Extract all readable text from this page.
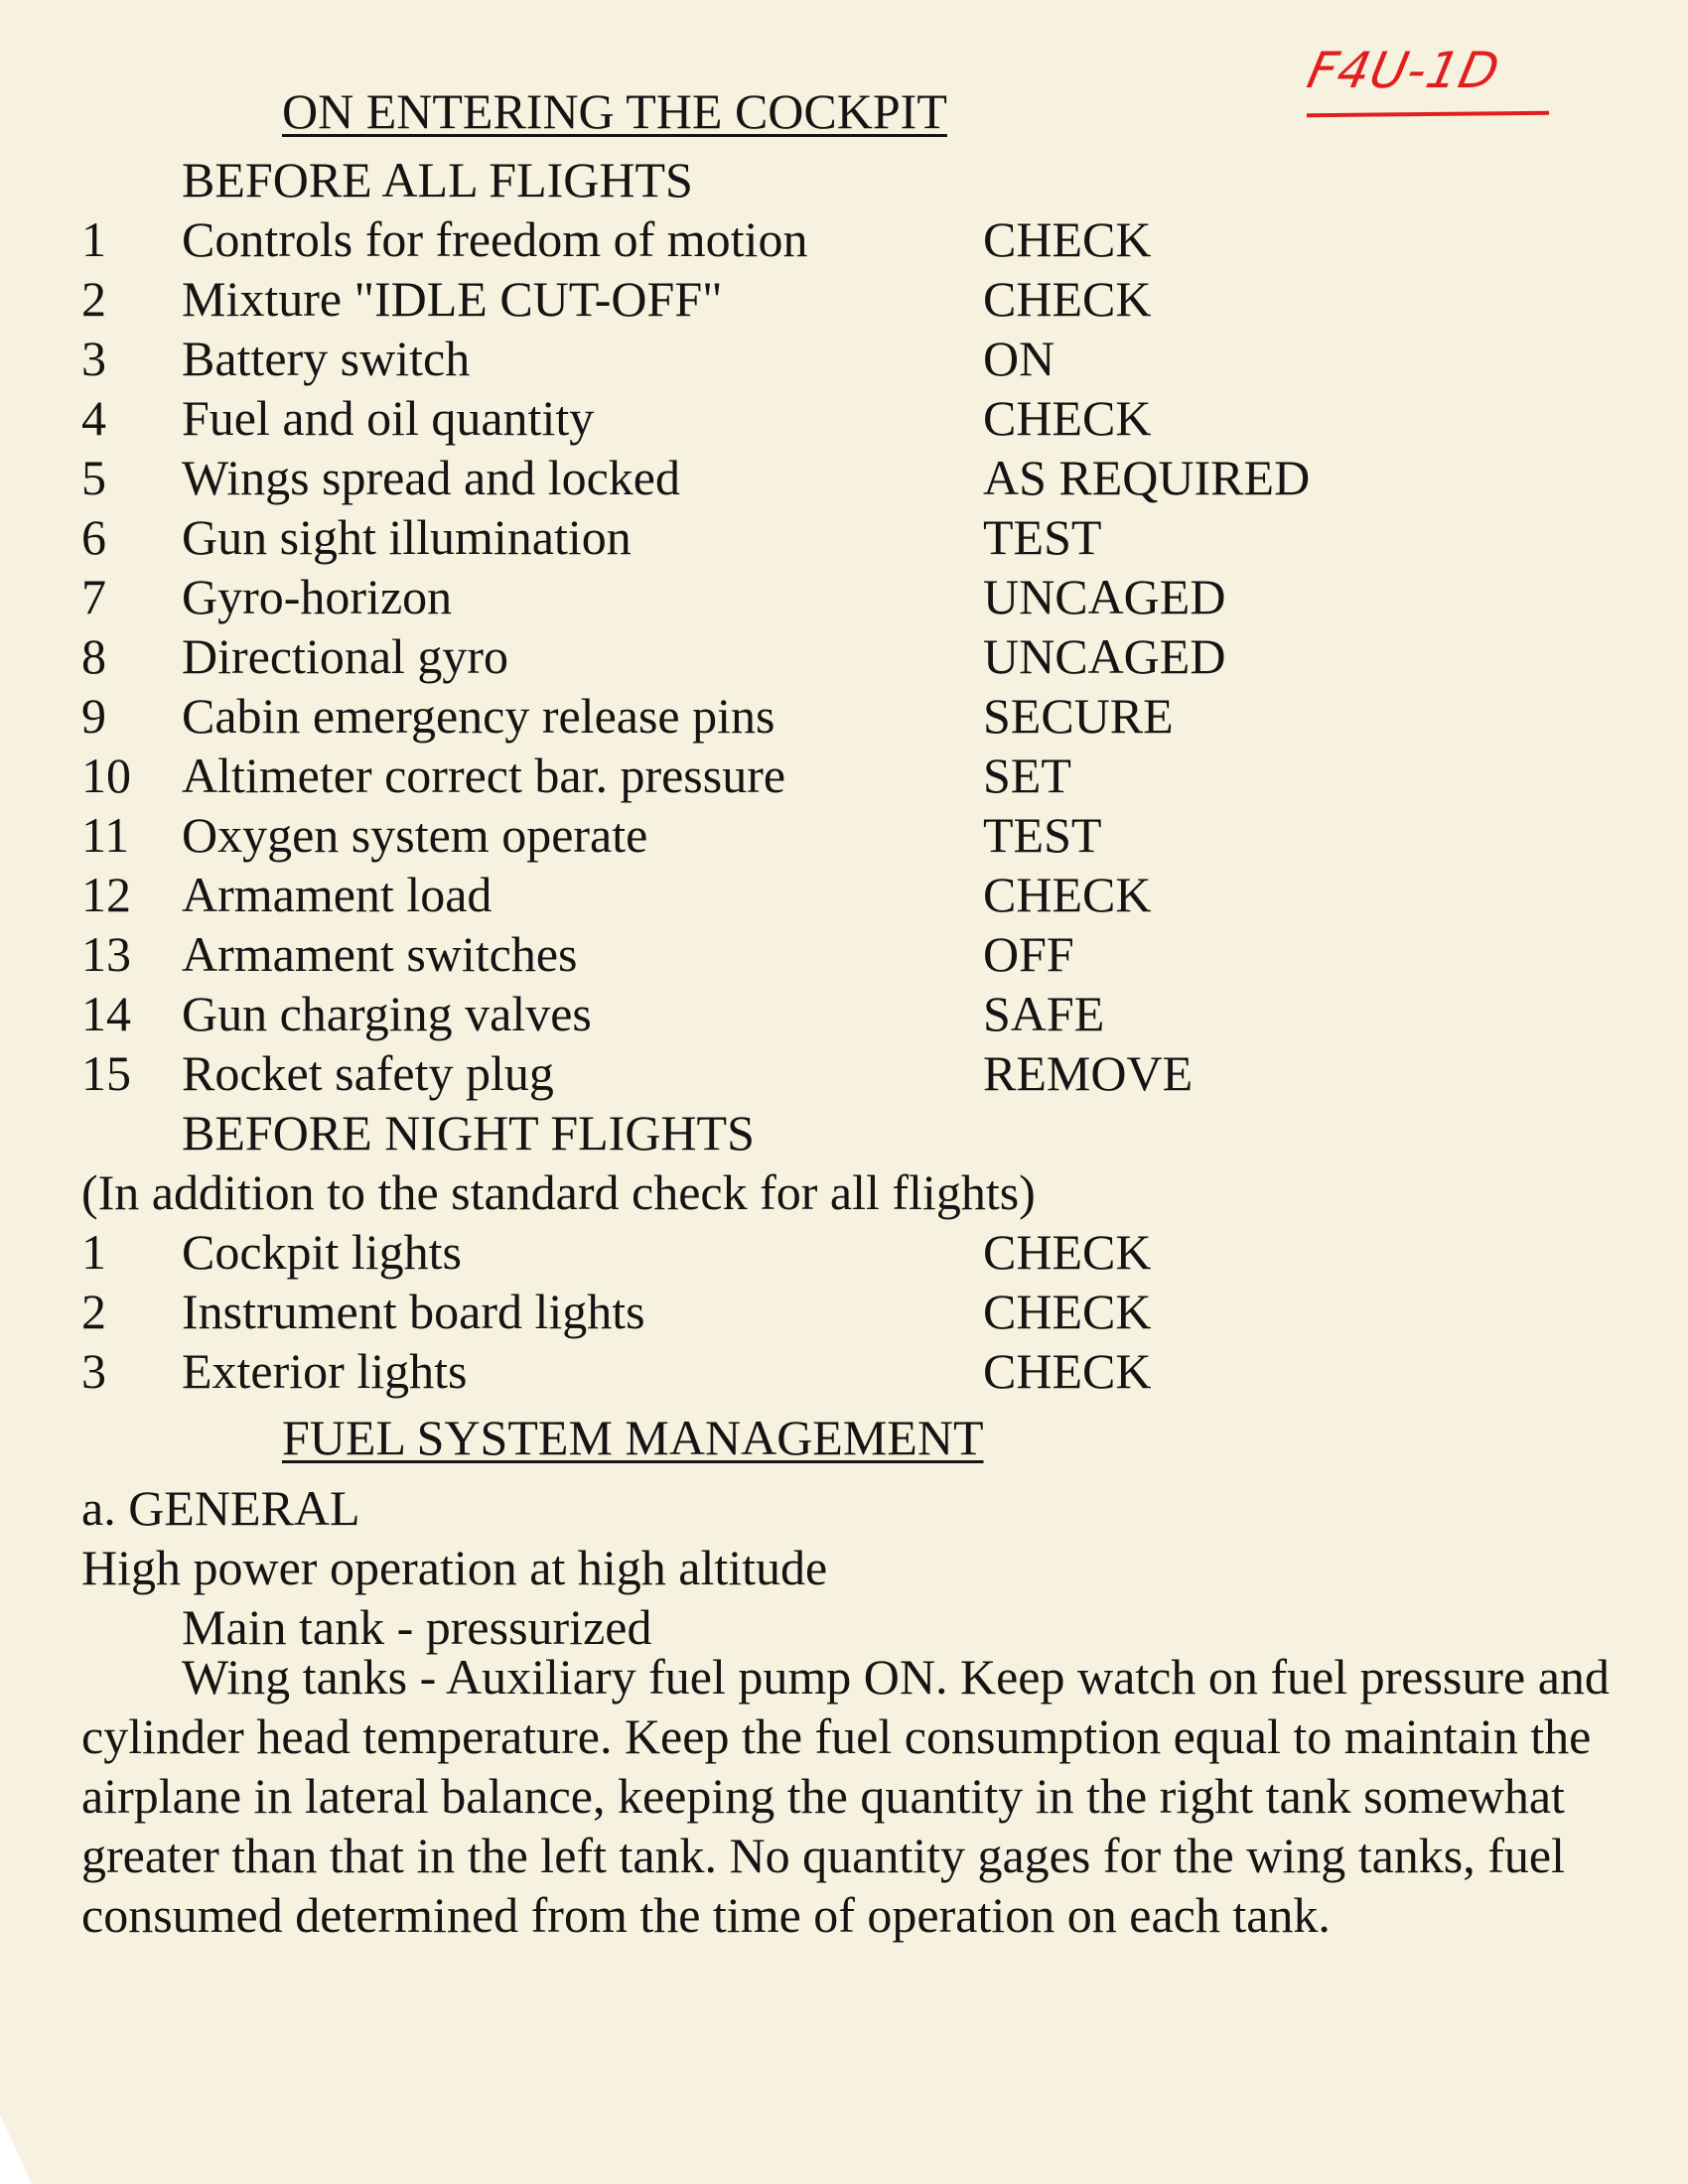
F4U-1D
ON ENTERING THE COCKPIT
BEFORE ALL FLIGHTS
1 Controls for freedom of motion	CHECK
2 Mixture "IDLE CUT-OFF"	CHECK
3 Battery switch	ON
4 Fuel and oil quantity	CHECK
5 Wings spread and locked	AS REQUIRED
6 Gun sight illumination	TEST
7 Gyro-horizon	UNCAGED
8 Directional gyro	UNCAGED
9 Cabin emergency release pins	SECURE
10 Altimeter correct bar. pressure	SET
11 Oxygen system operate	TEST
12 Armament load	CHECK
13 Armament switches	OFF
14 Gun charging valves	SAFE
15 Rocket safety plug	REMOVE
BEFORE NIGHT FLIGHTS
(In addition to the standard check for all flights)
1 Cockpit lights	CHECK
2 Instrument board lights	CHECK
3 Exterior lights	CHECK
FUEL SYSTEM MANAGEMENT
a. GENERAL
High power operation at high altitude
Main tank - pressurized
Wing tanks - Auxiliary fuel pump ON. Keep watch on fuel pressure and cylinder head temperature. Keep the fuel consumption equal to maintain the airplane in lateral balance, keeping the quantity in the right tank somewhat greater than that in the left tank. No quantity gages for the wing tanks, fuel consumed determined from the time of operation on each tank.
